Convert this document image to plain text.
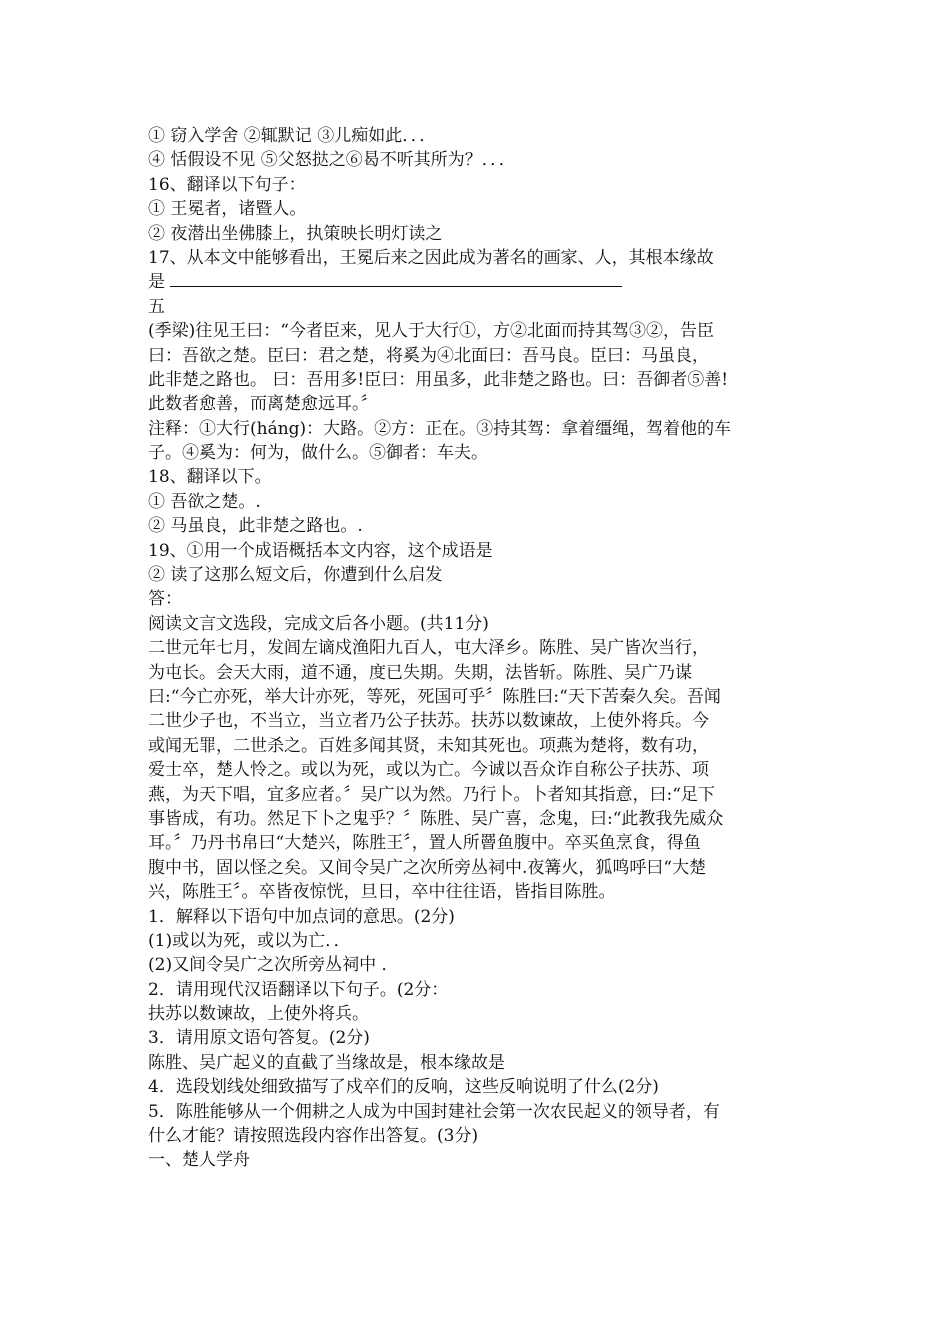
① 窃入学舍 ②辄默记 ③儿痴如此．．．
④ 恬假设不见 ⑤父怒挞之⑥曷不听其所为？．．．
16、翻译以下句子：
① 王冕者，诸暨人。
② 夜潜出坐佛膝上，执策映长明灯读之
17、从本文中能够看出，王冕后来之因此成为著名的画家、人，其根本缘故
是
五
(季梁)往见王曰：“今者臣来，见人于大行①，方②北面而持其驾③②，告臣
曰：吾欲之楚。臣曰：君之楚，将奚为④北面曰：吾马良。臣曰：马虽良，
此非楚之路也。 曰：吾用多!臣曰：用虽多，此非楚之路也。曰：吾御者⑤善!
此数者愈善，而离楚愈远耳。〞
注释：①大行(háng)：大路。②方：正在。③持其驾：拿着缰绳，驾着他的车
子。④奚为：何为，做什么。⑤御者：车夫。
18、翻译以下。
① 吾欲之楚。.
② 马虽良，此非楚之路也。.
19、①用一个成语概括本文内容，这个成语是
② 读了这那么短文后，你遭到什么启发
答：
阅读文言文选段，完成文后各小题。(共11分)
二世元年七月，发闾左谪戍渔阳九百人，屯大泽乡。陈胜、吴广皆次当行，
为屯长。会天大雨，道不通，度已失期。失期，法皆斩。陈胜、吴广乃谋
曰:“今亡亦死，举大计亦死，等死，死国可乎〞陈胜曰:“天下苦秦久矣。吾闻
二世少子也，不当立，当立者乃公子扶苏。扶苏以数谏故，上使外将兵。今
或闻无罪，二世杀之。百姓多闻其贤，未知其死也。项燕为楚将，数有功，
爱士卒，楚人怜之。或以为死，或以为亡。今诚以吾众诈自称公子扶苏、项
燕，为天下唱，宜多应者。〞吴广以为然。乃行卜。卜者知其指意，曰:“足下
事皆成，有功。然足下卜之鬼乎？〞陈胜、吴广喜，念鬼，曰:“此教我先威众
耳。〞乃丹书帛曰“大楚兴，陈胜王〞，置人所罾鱼腹中。卒买鱼烹食，得鱼
腹中书，固以怪之矣。又间令吴广之次所旁丛祠中.夜篝火，狐鸣呼曰“大楚
兴，陈胜王〞。卒皆夜惊恍，旦日，卒中往往语，皆指目陈胜。
1．解释以下语句中加点词的意思。(2分)
(1)或以为死，或以为亡．．
(2)又间令吴广之次所旁丛祠中 ．
2．请用现代汉语翻译以下句子。(2分：
扶苏以数谏故，上使外将兵。
3．请用原文语句答复。(2分)
陈胜、吴广起义的直截了当缘故是，根本缘故是
4．选段划线处细致描写了戍卒们的反响，这些反响说明了什么(2分)
5．陈胜能够从一个佣耕之人成为中国封建社会第一次农民起义的领导者，有
什么才能？请按照选段内容作出答复。(3分)
一、楚人学舟
